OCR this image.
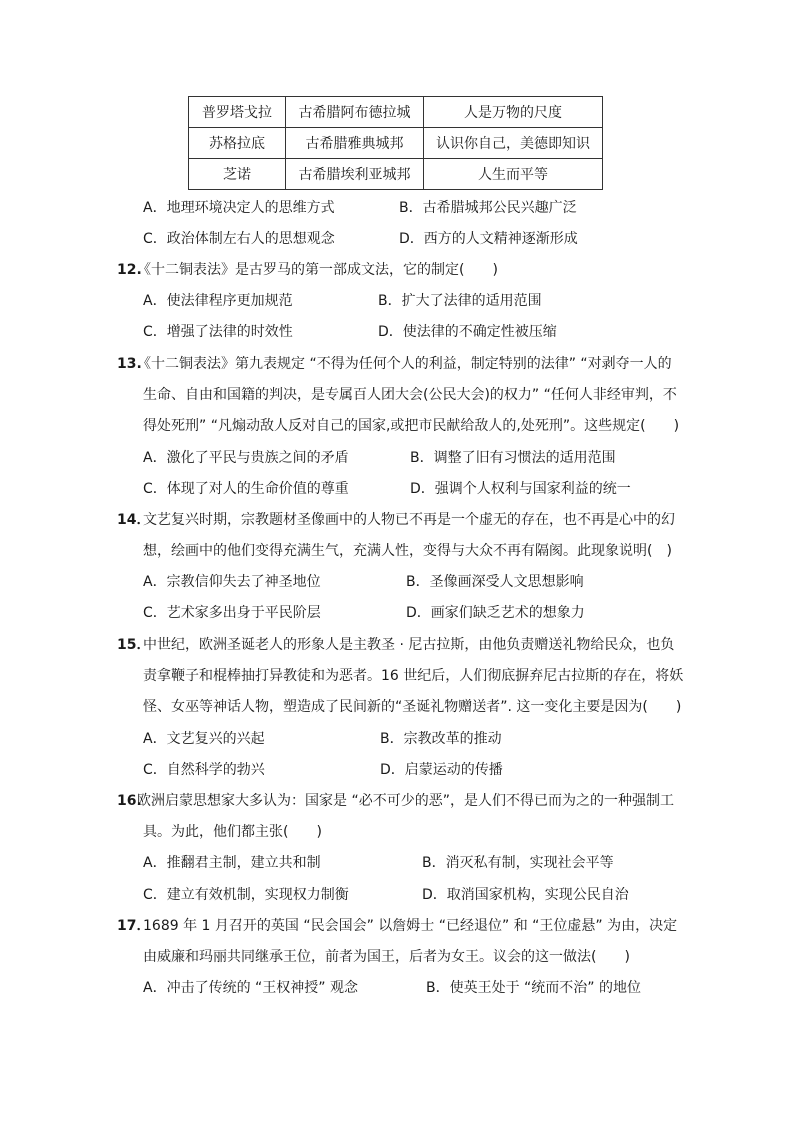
普罗塔戈拉	古希腊阿布德拉城	人是万物的尺度
苏格拉底	古希腊雅典城邦	认识你自己，美德即知识
芝诺	古希腊埃利亚城邦	人生而平等
A．地理环境决定人的思维方式	B．古希腊城邦公民兴趣广泛
C．政治体制左右人的思想观念	D．西方的人文精神逐渐形成
12.
《十二铜表法》是古罗马的第一部成文法，它的制定(　　)
A．使法律程序更加规范	B．扩大了法律的适用范围
C．增强了法律的时效性	D．使法律的不确定性被压缩
13.
《十二铜表法》第九表规定 “不得为任何个人的利益，制定特别的法律” “对剥夺一人的
生命、自由和国籍的判决，是专属百人团大会(公民大会)的权力” “任何人非经审判，不
得处死刑” “凡煽动敌人反对自己的国家,或把市民献给敌人的,处死刑”。这些规定(　　)
A．激化了平民与贵族之间的矛盾	B．调整了旧有习惯法的适用范围
C．体现了对人的生命价值的尊重	D．强调个人权利与国家利益的统一
14．
文艺复兴时期，宗教题材圣像画中的人物已不再是一个虚无的存在，也不再是心中的幻
想，绘画中的他们变得充满生气，充满人性，变得与大众不再有隔阂。此现象说明(　)
A．宗教信仰失去了神圣地位	B．圣像画深受人文思想影响
C．艺术家多出身于平民阶层	D．画家们缺乏艺术的想象力
15．
中世纪，欧洲圣诞老人的形象人是主教圣 · 尼古拉斯，由他负责赠送礼物给民众，也负
责拿鞭子和棍棒抽打异教徒和为恶者。16 世纪后，人们彻底摒弃尼古拉斯的存在，将妖
怪、女巫等神话人物，塑造成了民间新的“圣诞礼物赠送者”. 这一变化主要是因为(　　)
A．文艺复兴的兴起	B．宗教改革的推动
C．自然科学的勃兴	D．启蒙运动的传播
16.
欧洲启蒙思想家大多认为：国家是 “必不可少的恶”，是人们不得已而为之的一种强制工
具。为此，他们都主张(　　)
A．推翻君主制，建立共和制	B．消灭私有制，实现社会平等
C．建立有效机制，实现权力制衡	D．取消国家机构，实现公民自治
17．
1689 年 1 月召开的英国 “民会国会” 以詹姆士 “已经退位” 和 “王位虚悬” 为由，决定
由威廉和玛丽共同继承王位，前者为国王，后者为女王。议会的这一做法(　　)
A．冲击了传统的 “王权神授” 观念	B．使英王处于 “统而不治” 的地位
